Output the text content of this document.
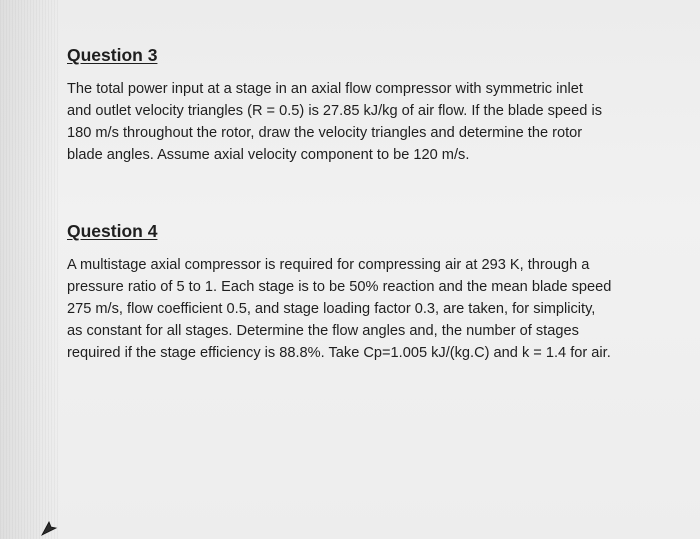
Question 3

The total power input at a stage in an axial flow compressor with symmetric inlet
and outlet velocity triangles (R = 0.5) is 27.85 kJ/kg of air flow. If the blade speed is
180 m/s throughout the rotor, draw the velocity triangles and determine the rotor
blade angles. Assume axial velocity component to be 120 m/s.

Question 4

A multistage axial compressor is required for compressing air at 293 K, through a
pressure ratio of 5 to 1. Each stage is to be 50% reaction and the mean blade speed
275 m/s, flow coefficient 0.5, and stage loading factor 0.3, are taken, for simplicity,
as constant for all stages. Determine the flow angles and, the number of stages
required if the stage efficiency is 88.8%. Take Cp=1.005 kJ/(kg.C) and k = 1.4 for air.
